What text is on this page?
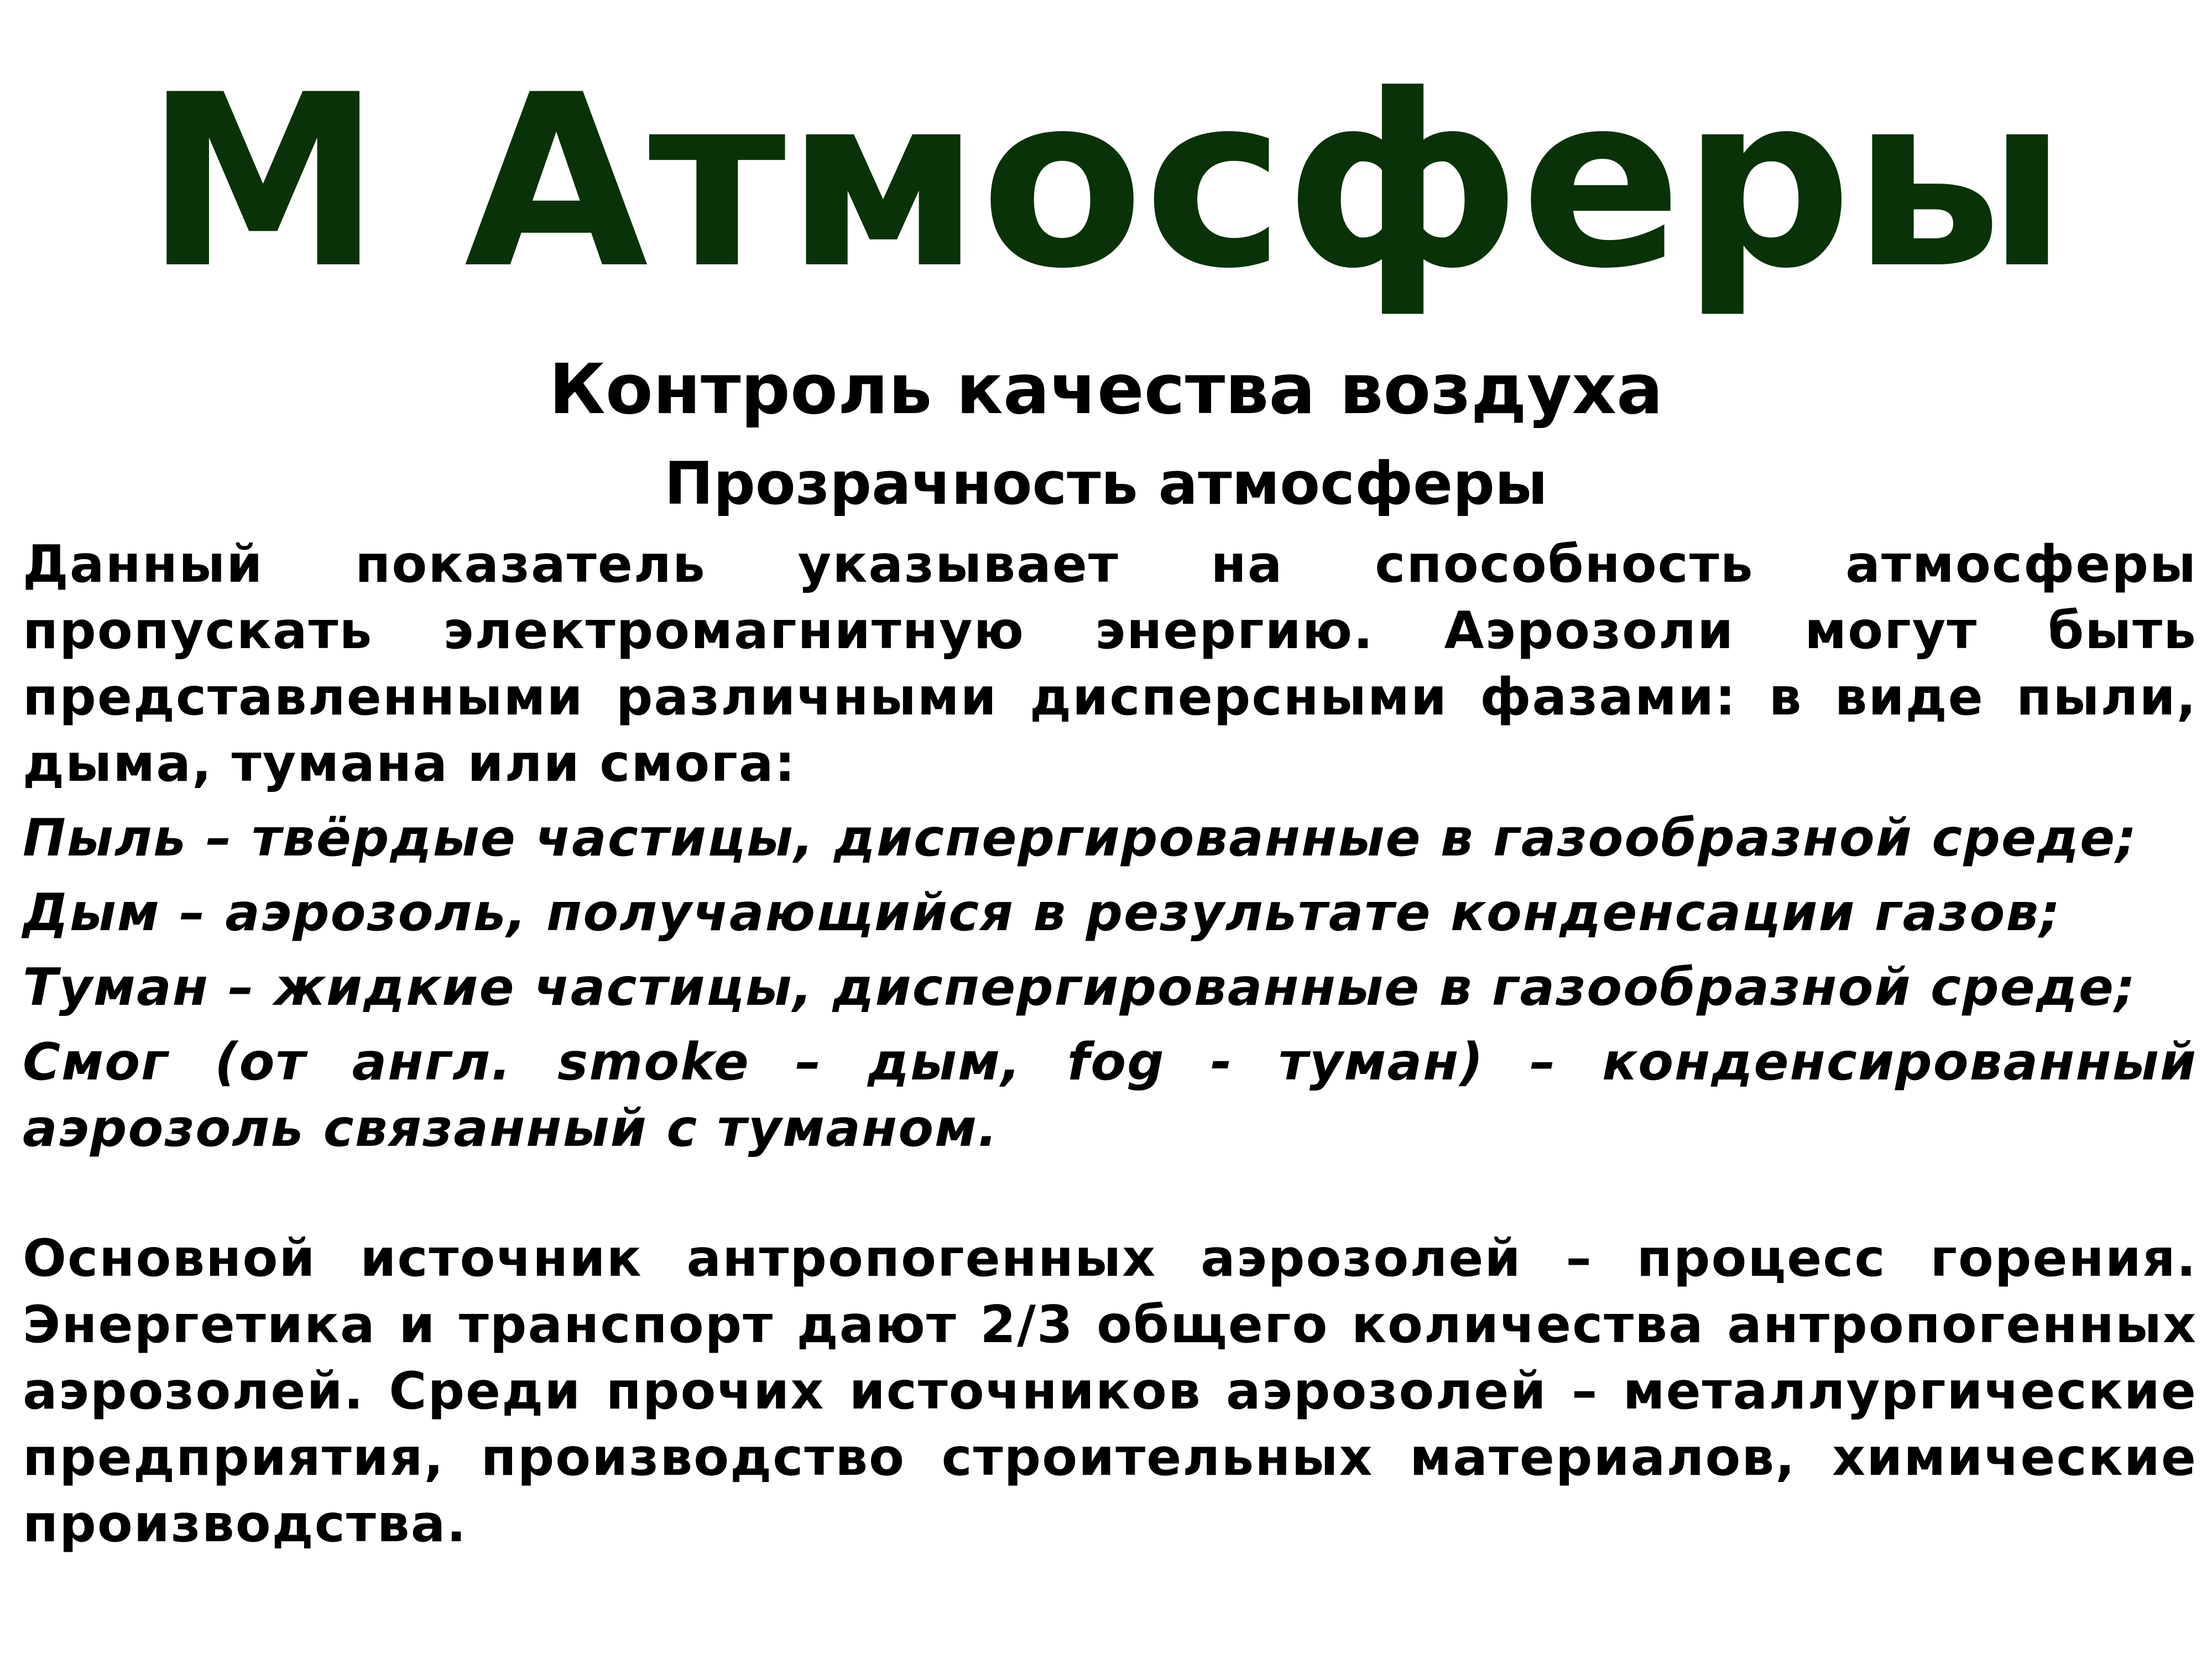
М Атмосферы
Контроль качества воздуха
Прозрачность атмосферы

Данный показатель указывает на способность атмосферы пропускать электромагнитную энергию. Аэрозоли могут быть представленными различными дисперсными фазами: в виде пыли, дыма, тумана или смога:

Пыль – твёрдые частицы, диспергированные в газообразной среде;

Дым – аэрозоль, получающийся в результате конденсации газов;

Туман – жидкие частицы, диспергированные в газообразной среде;

Смог (от англ. smoke – дым, fog - туман) – конденсированный аэрозоль связанный с туманом.

Основной источник антропогенных аэрозолей – процесс горения. Энергетика и транспорт дают 2/3 общего количества антропогенных аэрозолей. Среди прочих источников аэрозолей – металлургические предприятия, производство строительных материалов, химические производства.
